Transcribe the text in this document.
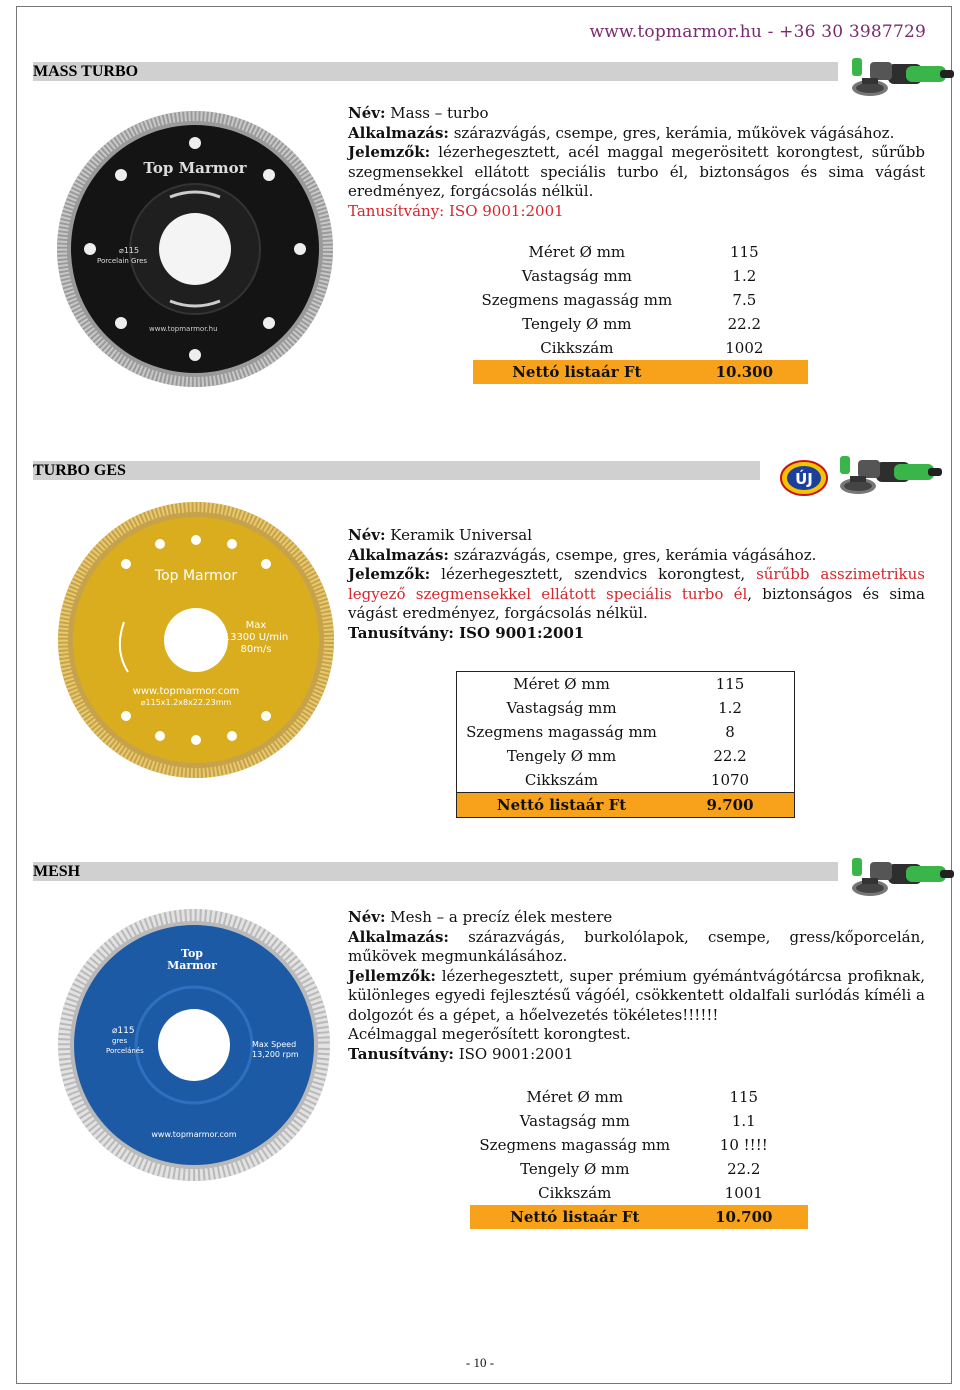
www.topmarmor.hu - +36 30 3987729
MASS TURBO
Top Marmor
⌀115
Porcelain Gres
www.topmarmor.hu

Név: Mass – turbo

Alkalmazás: szárazvágás, csempe, gres, kerámia, műkövek vágásához.

Jelemzők: lézerhegesztett, acél maggal megerösitett korongtest, sűrűbb szegmensekkel ellátott speciális turbo él, biztonságos és sima vágást eredményez, forgácsolás nélkül.

Tanusítvány: ISO 9001:2001

Méret Ø mm	115
Vastagság mm	1.2
Szegmens magasság mm	7.5
Tengely Ø mm	22.2
Cikkszám	1002
Nettó listaár Ft	10.300
TURBO GES	ÚJ
Top Marmor
Max
13300 U/min
80m/s
www.topmarmor.com
⌀115x1.2x8x22.23mm

Név: Keramik Universal

Alkalmazás: szárazvágás, csempe, gres, kerámia vágásához.

Jelemzők: lézerhegesztett, szendvics korongtest, sűrűbb asszimetrikus legyező szegmensekkel ellátott speciális turbo él, biztonságos és sima vágást eredményez, forgácsolás nélkül.

Tanusítvány: ISO 9001:2001

Méret Ø mm	115
Vastagság mm	1.2
Szegmens magasság mm	8
Tengely Ø mm	22.2
Cikkszám	1070
Nettó listaár Ft	9.700
MESH
Top
Marmor
⌀115
gres
Porcelánés
Max Speed
13,200 rpm
www.topmarmor.com

Név: Mesh – a precíz élek mestere

Alkalmazás: szárazvágás, burkolólapok, csempe, gress/kőporcelán, műkövek megmunkálásához.

Jellemzők: lézerhegesztett, super prémium gyémántvágótárcsa profiknak, különleges egyedi fejlesztésű vágóél, csökkentett oldalfali surlódás kíméli a dolgozót és a gépet, a hőelvezetés tökéletes!!!!!!

Acélmaggal megerősített korongtest.

Tanusítvány: ISO 9001:2001

Méret Ø mm	115
Vastagság mm	1.1
Szegmens magasság mm	10 !!!!
Tengely Ø mm	22.2
Cikkszám	1001
Nettó listaár Ft	10.700
- 10 -
